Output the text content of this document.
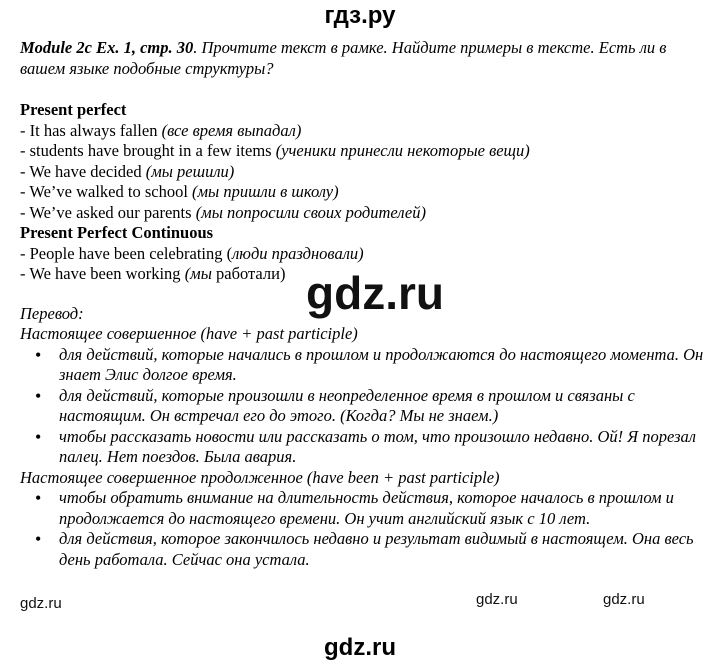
гдз.ру

Module 2c Ex. 1, стр. 30. Прочтите текст в рамке. Найдите примеры в тексте. Есть ли в вашем языке подобные структуры?

Present perfect

- It has always fallen (все время выпадал)

- students have brought in a few items (ученики принесли некоторые вещи)

- We have decided (мы решили)

- We’ve walked to school (мы пришли в школу)

- We’ve asked our parents (мы попросили своих родителей)

Present Perfect Continuous

- People have been celebrating (люди праздновали)

- We have been working (мы работали)

Перевод:

Настоящее совершенное (have + past participle)

• для действий, которые начались в прошлом и продолжаются до настоящего момента. Он знает Элис долгое время.
• для действий, которые произошли в неопределенное время в прошлом и связаны с настоящим. Он встречал его до этого. (Когда? Мы не знаем.)
• чтобы рассказать новости или рассказать о том, что произошло недавно. Ой! Я порезал палец. Нет поездов. Была авария.

Настоящее совершенное продолженное (have been + past participle)

• чтобы обратить внимание на длительность действия, которое началось в прошлом и продолжается до настоящего времени. Он учит английский язык с 10 лет.
• для действия, которое закончилось недавно и результат видимый в настоящем. Она весь день работала. Сейчас она устала.
gdz.ru
gdz.ru	gdz.ru	gdz.ru
gdz.ru
